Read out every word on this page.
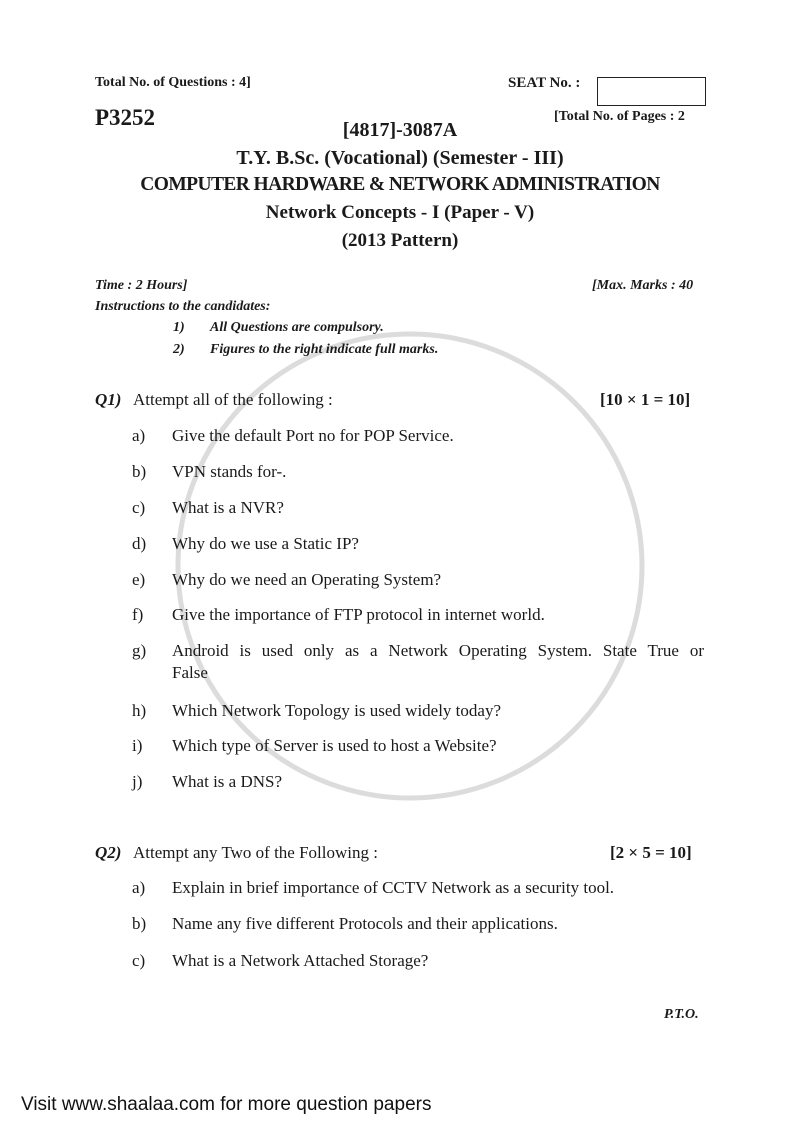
Total No. of Questions : 4]	SEAT No. :
P3252	[Total No. of Pages : 2
[4817]-3087A
T.Y. B.Sc. (Vocational) (Semester - III)
COMPUTER HARDWARE & NETWORK ADMINISTRATION
Network Concepts - I (Paper - V)
(2013 Pattern)
Time : 2 Hours]	[Max. Marks : 40
Instructions to the candidates:
1) All Questions are compulsory.
2) Figures to the right indicate full marks.
Q1) Attempt all of the following :	[10 × 1 = 10]
a) Give the default Port no for POP Service.
b) VPN stands for-.
c) What is a NVR?
d) Why do we use a Static IP?
e) Why do we need an Operating System?
f) Give the importance of FTP protocol in internet world.
g) Android is used only as a Network Operating System. State True or
False
h) Which Network Topology is used widely today?
i) Which type of Server is used to host a Website?
j) What is a DNS?
Q2) Attempt any Two of the Following :	[2 × 5 = 10]
a) Explain in brief importance of CCTV Network as a security tool.
b) Name any five different Protocols and their applications.
c) What is a Network Attached Storage?
P.T.O.
Visit www.shaalaa.com for more question papers
